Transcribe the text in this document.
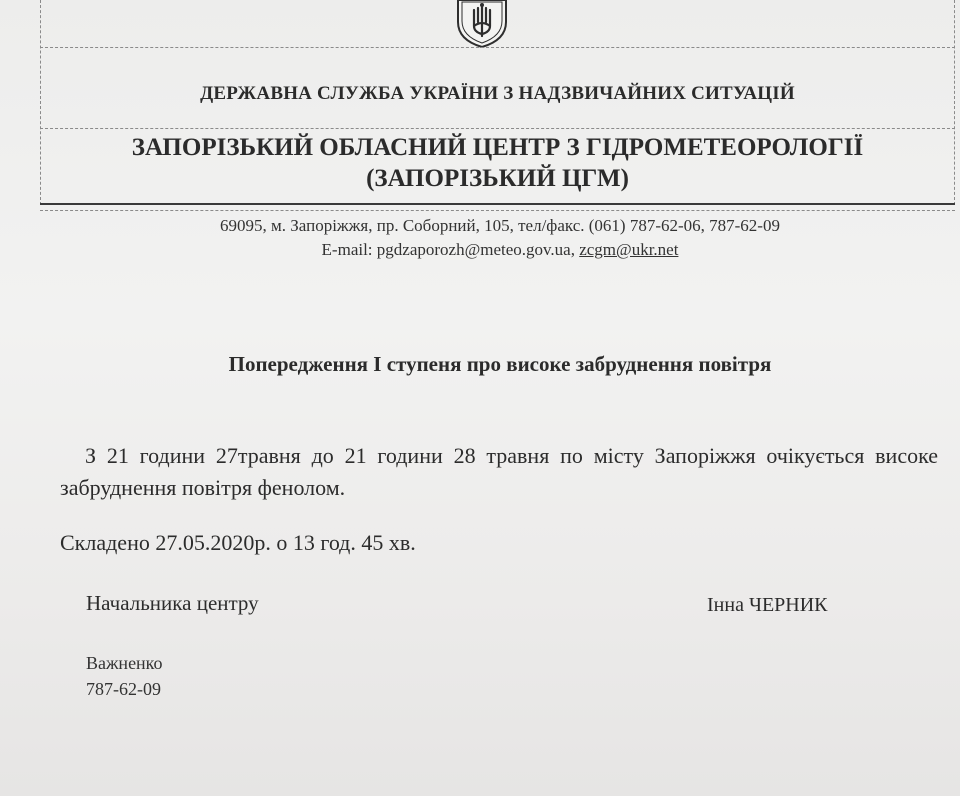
ДЕРЖАВНА СЛУЖБА УКРАЇНИ З НАДЗВИЧАЙНИХ СИТУАЦІЙ
ЗАПОРІЗЬКИЙ ОБЛАСНИЙ ЦЕНТР З ГІДРОМЕТЕОРОЛОГІЇ
(ЗАПОРІЗЬКИЙ ЦГМ)
69095, м. Запоріжжя, пр. Соборний, 105, тел/факс. (061) 787-62-06, 787-62-09
E-mail: pgdzaporozh@meteo.gov.ua, zcgm@ukr.net
Попередження І ступеня про високе забруднення повітря

З 21 години 27травня до 21 години 28 травня по місту Запоріжжя очікується високе забруднення повітря фенолом.

Складено 27.05.2020р. о 13 год. 45 хв.
Начальника центру	Інна ЧЕРНИК
Важненко
787-62-09
